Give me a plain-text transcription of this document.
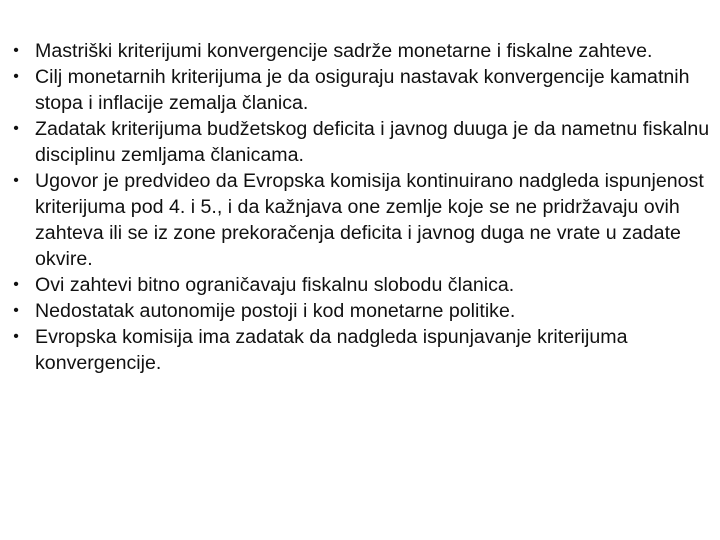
• Mastriški kriterijumi konvergencije sadrže monetarne i fiskalne zahteve.
• Cilj monetarnih kriterijuma je da osiguraju nastavak konvergencije kamatnih stopa i inflacije zemalja članica.
• Zadatak kriterijuma budžetskog deficita i javnog duuga je da nametnu fiskalnu disciplinu zemljama članicama.
• Ugovor je predvideo da Evropska komisija kontinuirano nadgleda ispunjenost kriterijuma pod 4. i 5., i da kažnjava one zemlje koje se ne pridržavaju ovih zahteva ili se iz zone prekoračenja deficita i javnog duga ne vrate u zadate okvire.
• Ovi zahtevi bitno ograničavaju fiskalnu slobodu članica.
• Nedostatak autonomije postoji i kod monetarne politike.
• Evropska komisija ima zadatak da nadgleda ispunjavanje kriterijuma konvergencije.
